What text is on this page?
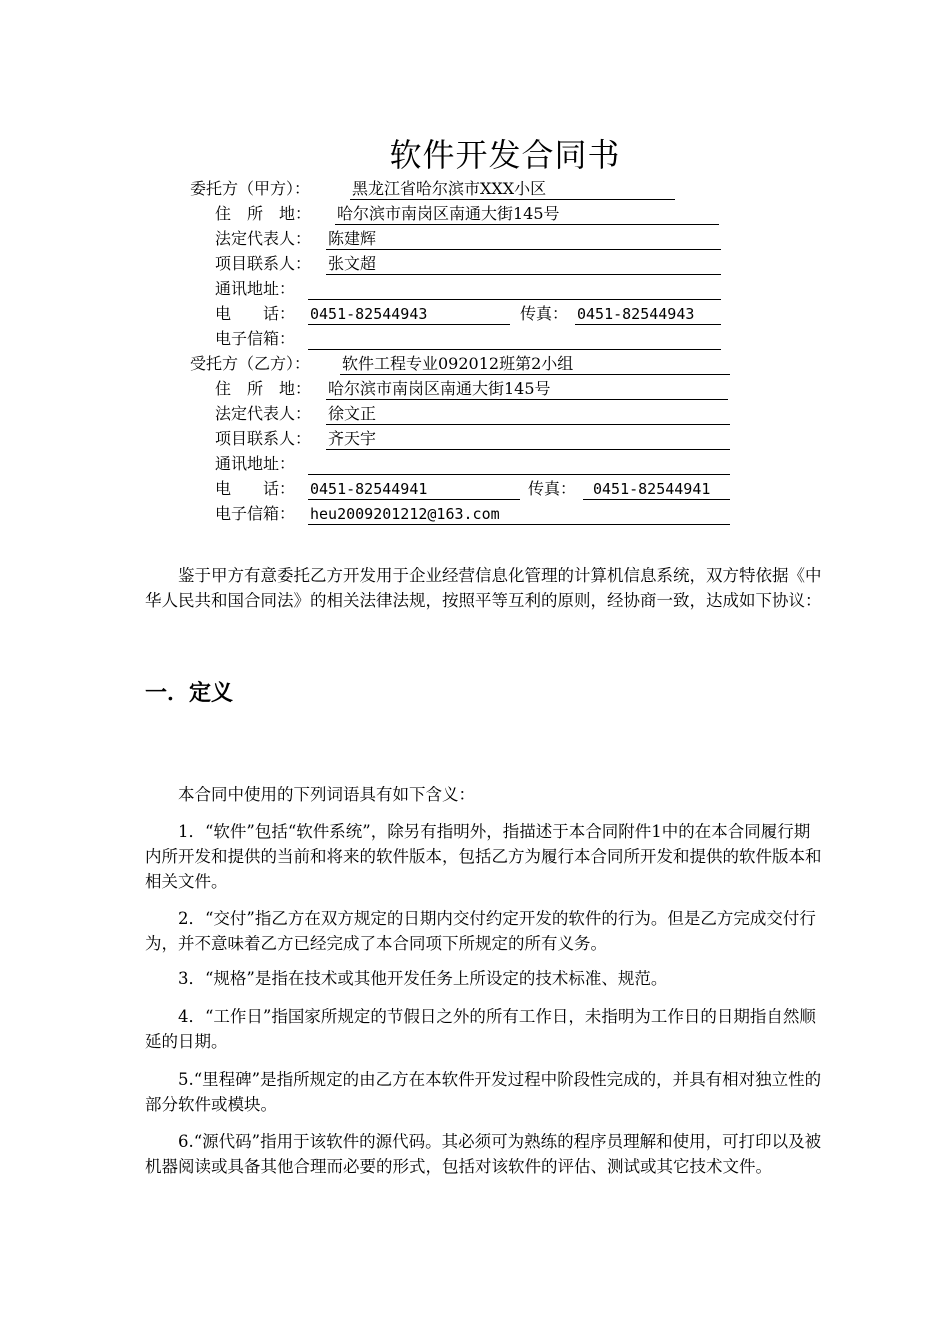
软件开发合同书
委托方（甲方）：	黑龙江省哈尔滨市XXX小区
住　所　地： 哈尔滨市南岗区南通大街145号
法定代表人： 陈建辉
项目联系人： 张文超
通讯地址：
电　　话： 0451-82544943	传真： 0451-82544943
电子信箱：
受托方（乙方）： 软件工程专业092012班第2小组
住　所　地： 哈尔滨市南岗区南通大街145号
法定代表人： 徐文正
项目联系人： 齐天宇
通讯地址：
电　　话： 0451-82544941	传真：	0451-82544941
电子信箱： heu2009201212@163.com

鉴于甲方有意委托乙方开发用于企业经营信息化管理的计算机信息系统，双方特依据《中华人民共和国合同法》的相关法律法规，按照平等互利的原则，经协商一致，达成如下协议：

一．定义

本合同中使用的下列词语具有如下含义：

1．“软件”包括“软件系统”，除另有指明外，指描述于本合同附件1中的在本合同履行期内所开发和提供的当前和将来的软件版本，包括乙方为履行本合同所开发和提供的软件版本和相关文件。

2．“交付”指乙方在双方规定的日期内交付约定开发的软件的行为。但是乙方完成交付行为，并不意味着乙方已经完成了本合同项下所规定的所有义务。

3．“规格”是指在技术或其他开发任务上所设定的技术标准、规范。

4．“工作日”指国家所规定的节假日之外的所有工作日，未指明为工作日的日期指自然顺延的日期。

5.“里程碑”是指所规定的由乙方在本软件开发过程中阶段性完成的，并具有相对独立性的部分软件或模块。

6.“源代码”指用于该软件的源代码。其必须可为熟练的程序员理解和使用，可打印以及被机器阅读或具备其他合理而必要的形式，包括对该软件的评估、测试或其它技术文件。
